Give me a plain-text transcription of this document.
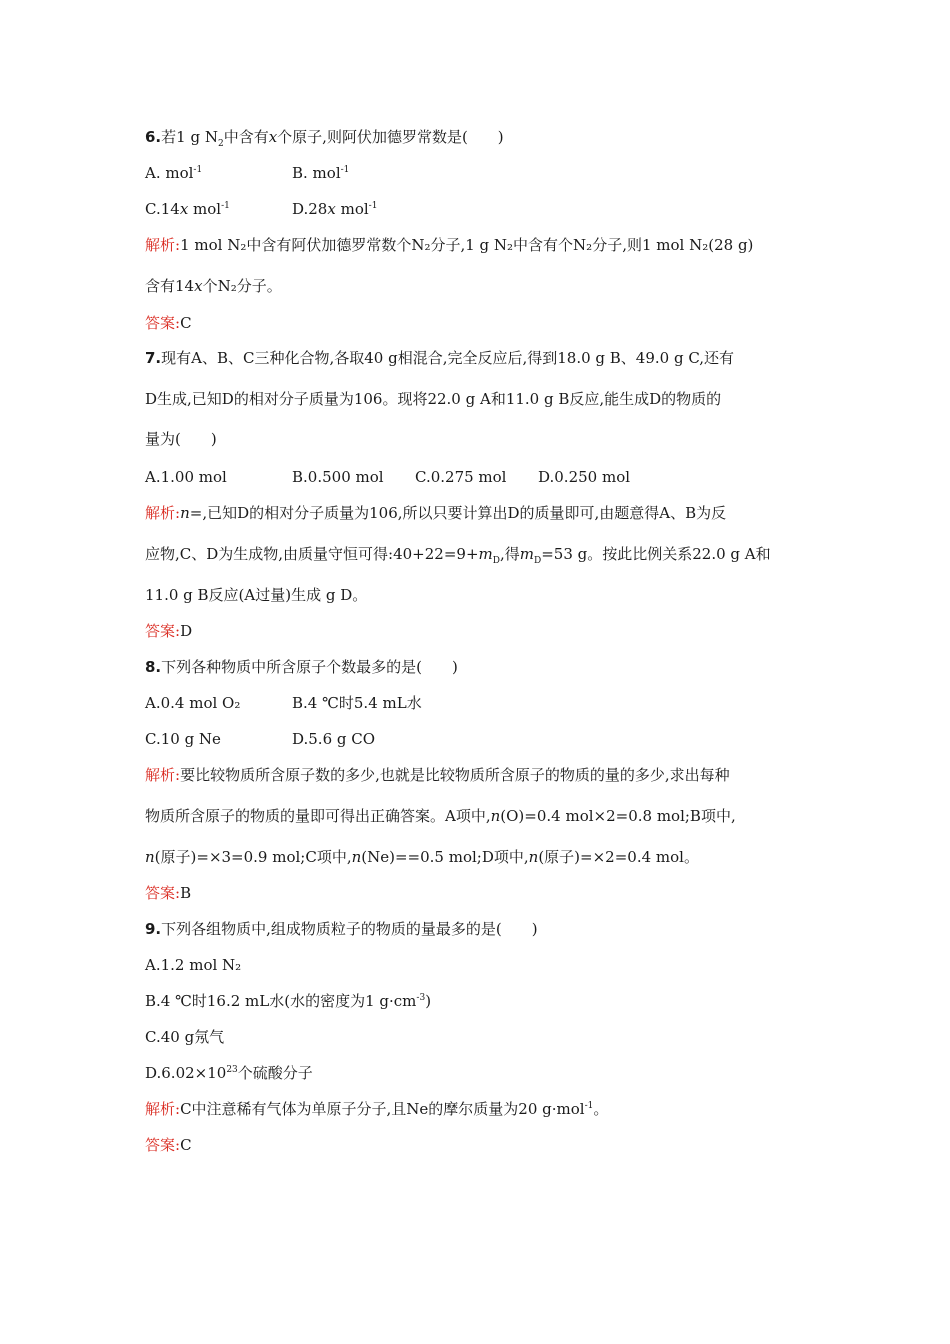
6.若1 g $N_2$中含有x个原子,则阿伏加德罗常数是(　　)
A. mol$^{-1}$	B. mol$^{-1}$
C.14x mol$^{-1}$	D.28x mol$^{-1}$
解析:1 mol N₂中含有阿伏加德罗常数个N₂分子,1 g N₂中含有个N₂分子,则1 mol N₂(28 g)
含有14x个N₂分子。
答案:C
7.现有A、B、C三种化合物,各取40 g相混合,完全反应后,得到18.0 g B、49.0 g C,还有
D生成,已知D的相对分子质量为106。现将22.0 g A和11.0 g B反应,能生成D的物质的
量为(　　)
A.1.00 mol	B.0.500 mol C.0.275 mol D.0.250 mol
解析:n=,已知D的相对分子质量为106,所以只要计算出D的质量即可,由题意得A、B为反
应物,C、D为生成物,由质量守恒可得$:40+22=9+m_D$,得$m_D=53$ g。按此比例关系22.0 g A和
11.0 g B反应(A过量)生成 g D。
答案:D
8.下列各种物质中所含原子个数最多的是(　　)
A.0.4 mol O₂	B.4 ℃时5.4 mL水
C.10 g Ne	D.5.6 g CO
解析:要比较物质所含原子数的多少,也就是比较物质所含原子的物质的量的多少,求出每种
物质所含原子的物质的量即可得出正确答案。A项中,n(O)=0.4 mol×2=0.8 mol;B项中,
n(原子)=×3=0.9 mol;C项中,n(Ne)==0.5 mol;D项中,n(原子)=×2=0.4 mol。
答案:B
9.下列各组物质中,组成物质粒子的物质的量最多的是(　　)
A.1.2 mol N₂
B.4 ℃时16.2 mL水(水的密度为1 $g\cdot cm^{-3}$)
C.40 g氖气
$D.6.02\times 10^{23}$个硫酸分子
解析:C中注意稀有气体为单原子分子,且Ne的摩尔质量为20 g·mol$^{-1}$。
答案:C
